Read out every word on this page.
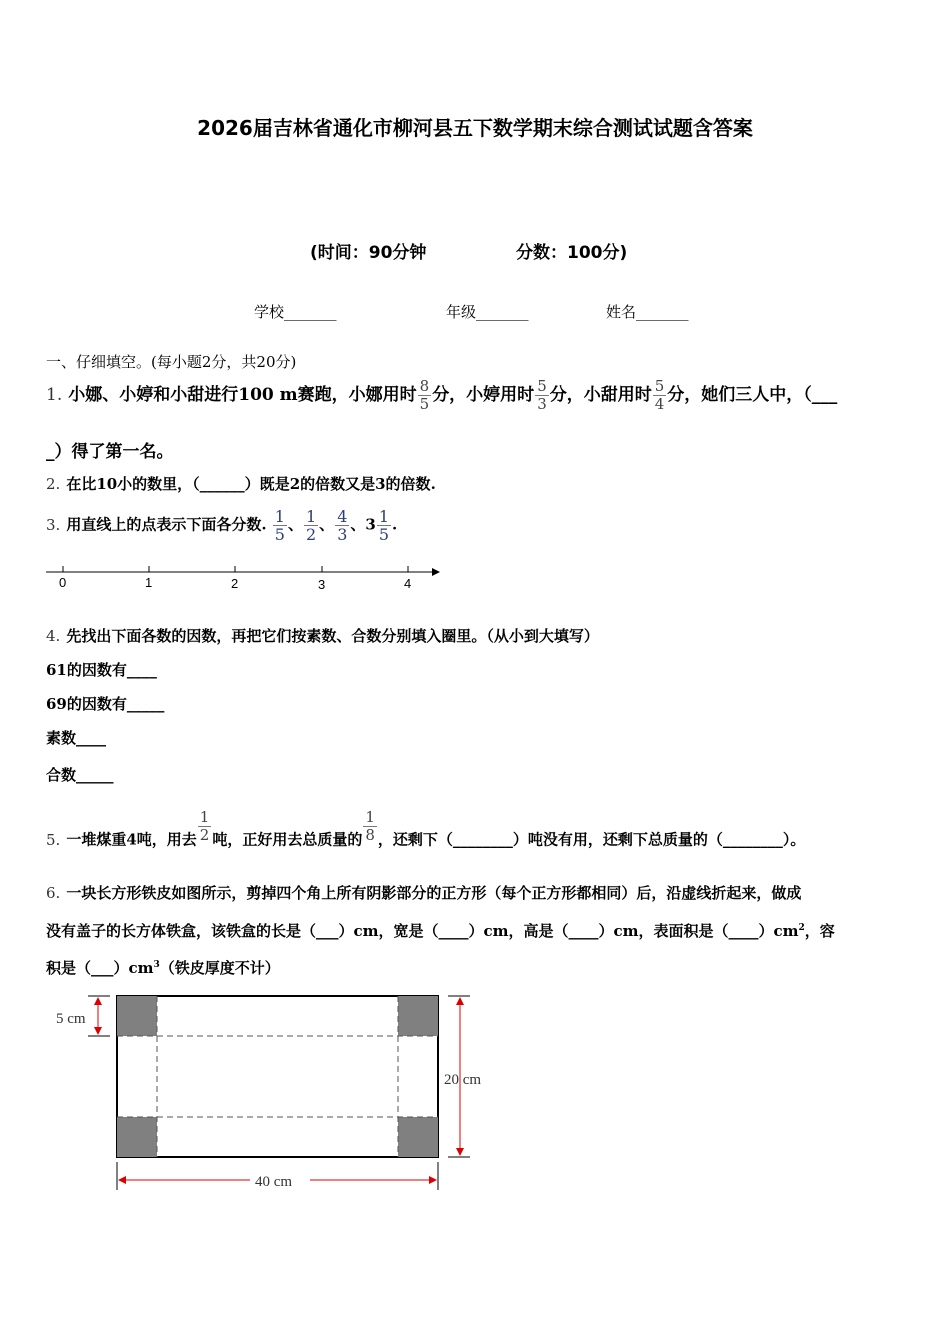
2026届吉林省通化市柳河县五下数学期末综合测试试题含答案
(时间：90分钟	分数：100分)
学校_______	年级_______	姓名_______
一、仔细填空。(每小题2分，共20分)
1. 小娜、小婷和小甜进行100 m赛跑，小娜用时 $\frac{8}{5}$ 分，小婷用时 $\frac{5}{3}$ 分，小甜用时 $\frac{5}{4}$ 分，她们三人中，（___
_）得了第一名。
2. 在比10小的数里，（______）既是2的倍数又是3的倍数.
3. 用直线上的点表示下面各分数. $\frac{1}{5}$ 、 $\frac{1}{2}$ 、 $\frac{4}{3}$ 、$3 \frac{1}{5}$ .
0	1	2	3	4
4. 先找出下面各数的因数，再把它们按素数、合数分别填入圈里。（从小到大填写）
61的因数有____
69的因数有_____
素数____
合数_____
5. 一堆煤重4吨，用去 $\frac{1}{2}$ 吨，正好用去总质量的 $\frac{1}{8}$ ，还剩下（________）吨没有用，还剩下总质量的（________）。
6. 一块长方形铁皮如图所示，剪掉四个角上所有阴影部分的正方形（每个正方形都相同）后，沿虚线折起来，做成
没有盖子的长方体铁盒，该铁盒的长是（___）cm，宽是（____）cm，高是（____）cm，表面积是$(\_\_\_\_)cm^2$，容
积是$(\_\_\_)cm^3$（铁皮厚度不计）
5 cm
20 cm
40 cm
